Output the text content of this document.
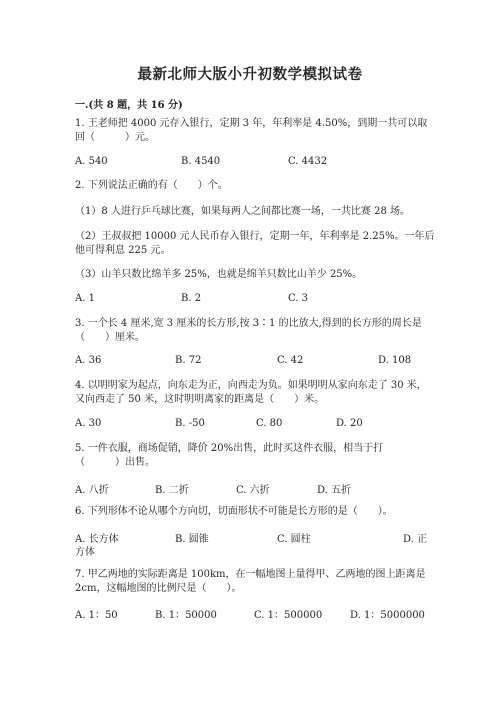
最新北师大版小升初数学模拟试卷
一.(共 8 题，共 16 分)
1. 王老师把 4000 元存入银行，定期 3 年，年利率是 4.50%，到期一共可以取
回（　　　）元。
A. 540	B. 4540	C. 4432
2. 下列说法正确的有（　　）个。
（1）8 人进行乒乓球比赛，如果每两人之间都比赛一场，一共比赛 28 场。
（2）王叔叔把 10000 元人民币存入银行，定期一年，年利率是 2.25%。一年后
他可得利息 225 元。
（3）山羊只数比绵羊多 25%，也就是绵羊只数比山羊少 25%。
A. 1	B. 2	C. 3
3. 一个长 4 厘米,宽 3 厘米的长方形,按 3∶1 的比放大,得到的长方形的周长是
（　　）厘米。
A. 36	B. 72	C. 42	D. 108
4. 以明明家为起点，向东走为正，向西走为负。如果明明从家向东走了 30 米，
又向西走了 50 米，这时明明离家的距离是（　　）米。
A. 30	B. -50	C. 80	D. 20
5. 一件衣服，商场促销，降价 20%出售，此时买这件衣服，相当于打
（　　　）出售。
A. 八折	B. 二折	C. 六折	D. 五折
6. 下列形体不论从哪个方向切，切面形状不可能是长方形的是（　　）。
A. 长方体	B. 圆锥	C. 圆柱	D. 正
方体
7. 甲乙两地的实际距离是 100km，在一幅地图上量得甲、乙两地的图上距离是
2cm，这幅地图的比例尺是（　　）。
A. 1：50	B. 1：50000	C. 1：500000	D. 1：5000000
